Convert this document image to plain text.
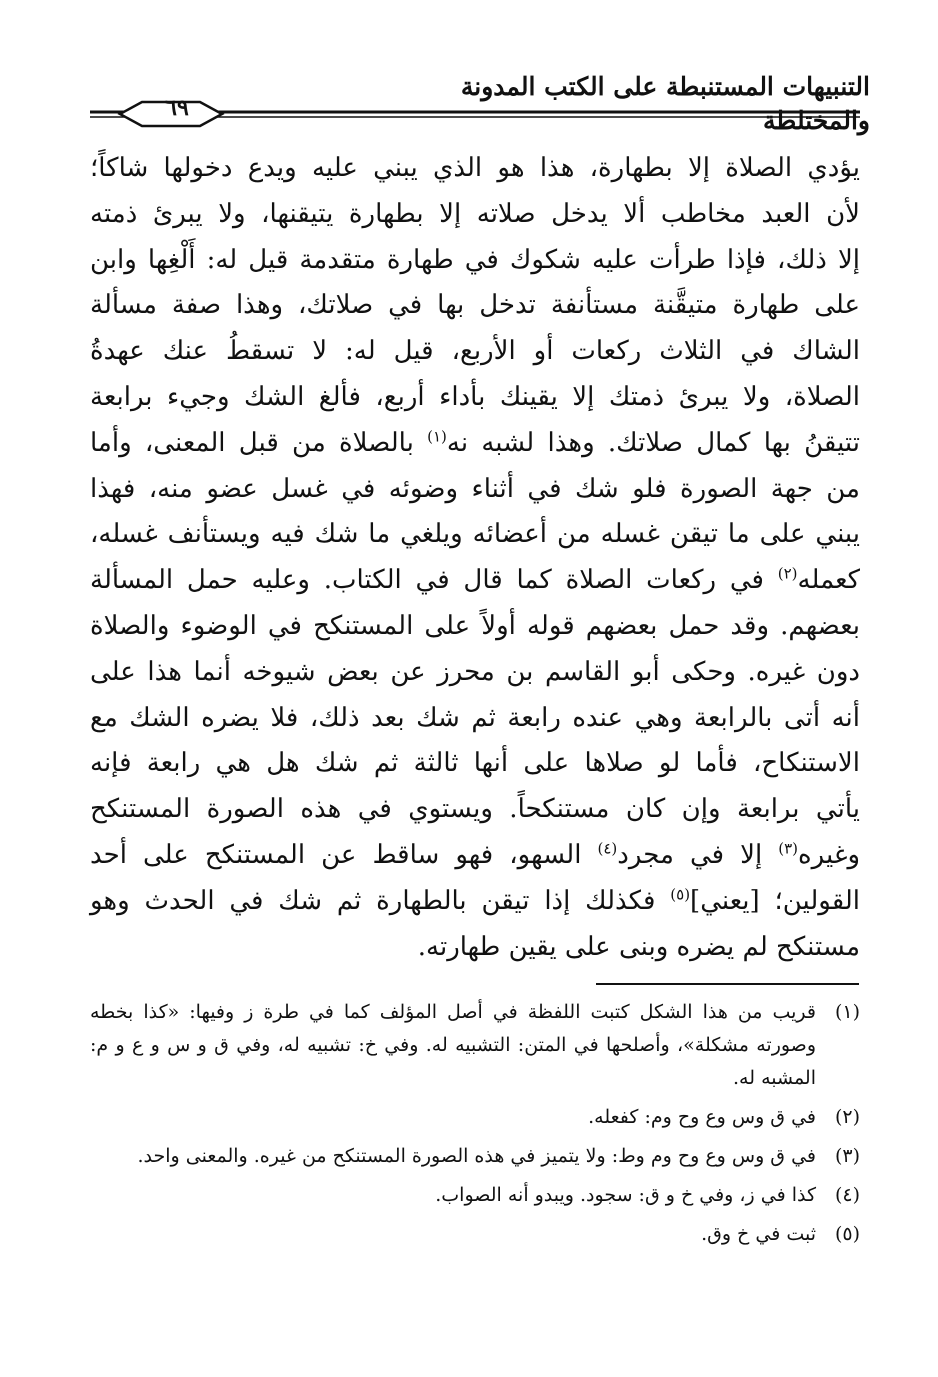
التنبيهات المستنبطة على الكتب المدونة والمختلطة
٦٩
يؤدي الصلاة إلا بطهارة، هذا هو الذي يبني عليه ويدع دخولها شاكاً؛
لأن العبد مخاطب ألا يدخل صلاته إلا بطهارة يتيقنها، ولا يبرئ ذمته
إلا ذلك، فإذا طرأت عليه شكوك في طهارة متقدمة قيل له: أَلْغِها وابن
على طهارة متيقَّنة مستأنفة تدخل بها في صلاتك، وهذا صفة مسألة
الشاك في الثلاث ركعات أو الأربع، قيل له: لا تسقطُ عنك عهدةُ
الصلاة، ولا يبرئ ذمتك إلا يقينك بأداء أربع، فألغ الشك وجيء برابعة
تتيقنُ بها كمال صلاتك. وهذا لشبه نه$^{(١)}$ بالصلاة من قبل المعنى، وأما
من جهة الصورة فلو شك في أثناء وضوئه في غسل عضو منه، فهذا
يبني على ما تيقن غسله من أعضائه ويلغي ما شك فيه ويستأنف غسله،
كعمله$^{(٢)}$ في ركعات الصلاة كما قال في الكتاب. وعليه حمل المسألة
بعضهم. وقد حمل بعضهم قوله أولاً على المستنكح في الوضوء والصلاة
دون غيره. وحكى أبو القاسم بن محرز عن بعض شيوخه أنما هذا على
أنه أتى بالرابعة وهي عنده رابعة ثم شك بعد ذلك، فلا يضره الشك مع
الاستنكاح، فأما لو صلاها على أنها ثالثة ثم شك هل هي رابعة فإنه
يأتي برابعة وإن كان مستنكحاً. ويستوي في هذه الصورة المستنكح
وغيره$^{(٣)}$ إلا في مجرد$^{(٤)}$ السهو، فهو ساقط عن المستنكح على أحد
القولين؛ [يعني]$^{(٥)}$ فكذلك إذا تيقن بالطهارة ثم شك في الحدث وهو
مستنكح لم يضره وبنى على يقين طهارته.
(١)
قريب من هذا الشكل كتبت اللفظة في أصل المؤلف كما في طرة ز وفيها: «كذا بخطه وصورته مشكلة»، وأصلحها في المتن: التشبيه له. وفي خ: تشبيه له، وفي ق و س و ع و م: المشبه له.
(٢)
في ق وس وع وح وم: كفعله.
(٣)
في ق وس وع وح وم وط: ولا يتميز في هذه الصورة المستنكح من غيره. والمعنى واحد.
(٤)
كذا في ز، وفي خ و ق: سجود. ويبدو أنه الصواب.
(٥)
ثبت في خ وق.
